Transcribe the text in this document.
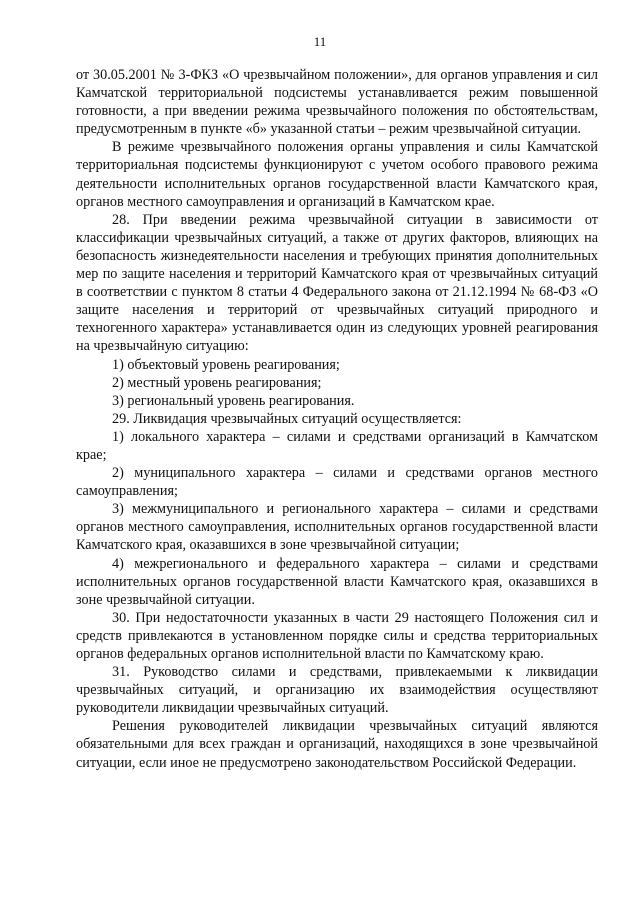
11

от 30.05.2001 № 3-ФКЗ «О чрезвычайном положении», для органов управления и сил Камчатской территориальной подсистемы устанавливается режим повышенной готовности, а при введении режима чрезвычайного положения по обстоятельствам, предусмотренным в пункте «б» указанной статьи – режим чрезвычайной ситуации.

В режиме чрезвычайного положения органы управления и силы Камчатской территориальная подсистемы функционируют с учетом особого правового режима деятельности исполнительных органов государственной власти Камчатского края, органов местного самоуправления и организаций в Камчатском крае.

28. При введении режима чрезвычайной ситуации в зависимости от классификации чрезвычайных ситуаций, а также от других факторов, влияющих на безопасность жизнедеятельности населения и требующих принятия дополнительных мер по защите населения и территорий Камчатского края от чрезвычайных ситуаций в соответствии с пунктом 8 статьи 4 Федерального закона от 21.12.1994 № 68-ФЗ «О защите населения и территорий от чрезвычайных ситуаций природного и техногенного характера» устанавливается один из следующих уровней реагирования на чрезвычайную ситуацию:

1) объектовый уровень реагирования;

2) местный уровень реагирования;

3) региональный уровень реагирования.

29. Ликвидация чрезвычайных ситуаций осуществляется:

1) локального характера – силами и средствами организаций в Камчатском крае;

2) муниципального характера – силами и средствами органов местного самоуправления;

3) межмуниципального и регионального характера – силами и средствами органов местного самоуправления, исполнительных органов государственной власти Камчатского края, оказавшихся в зоне чрезвычайной ситуации;

4) межрегионального и федерального характера – силами и средствами исполнительных органов государственной власти Камчатского края, оказавшихся в зоне чрезвычайной ситуации.

30. При недостаточности указанных в части 29 настоящего Положения сил и средств привлекаются в установленном порядке силы и средства территориальных органов федеральных органов исполнительной власти по Камчатскому краю.

31. Руководство силами и средствами, привлекаемыми к ликвидации чрезвычайных ситуаций, и организацию их взаимодействия осуществляют руководители ликвидации чрезвычайных ситуаций.

Решения руководителей ликвидации чрезвычайных ситуаций являются обязательными для всех граждан и организаций, находящихся в зоне чрезвычайной ситуации, если иное не предусмотрено законодательством Российской Федерации.
